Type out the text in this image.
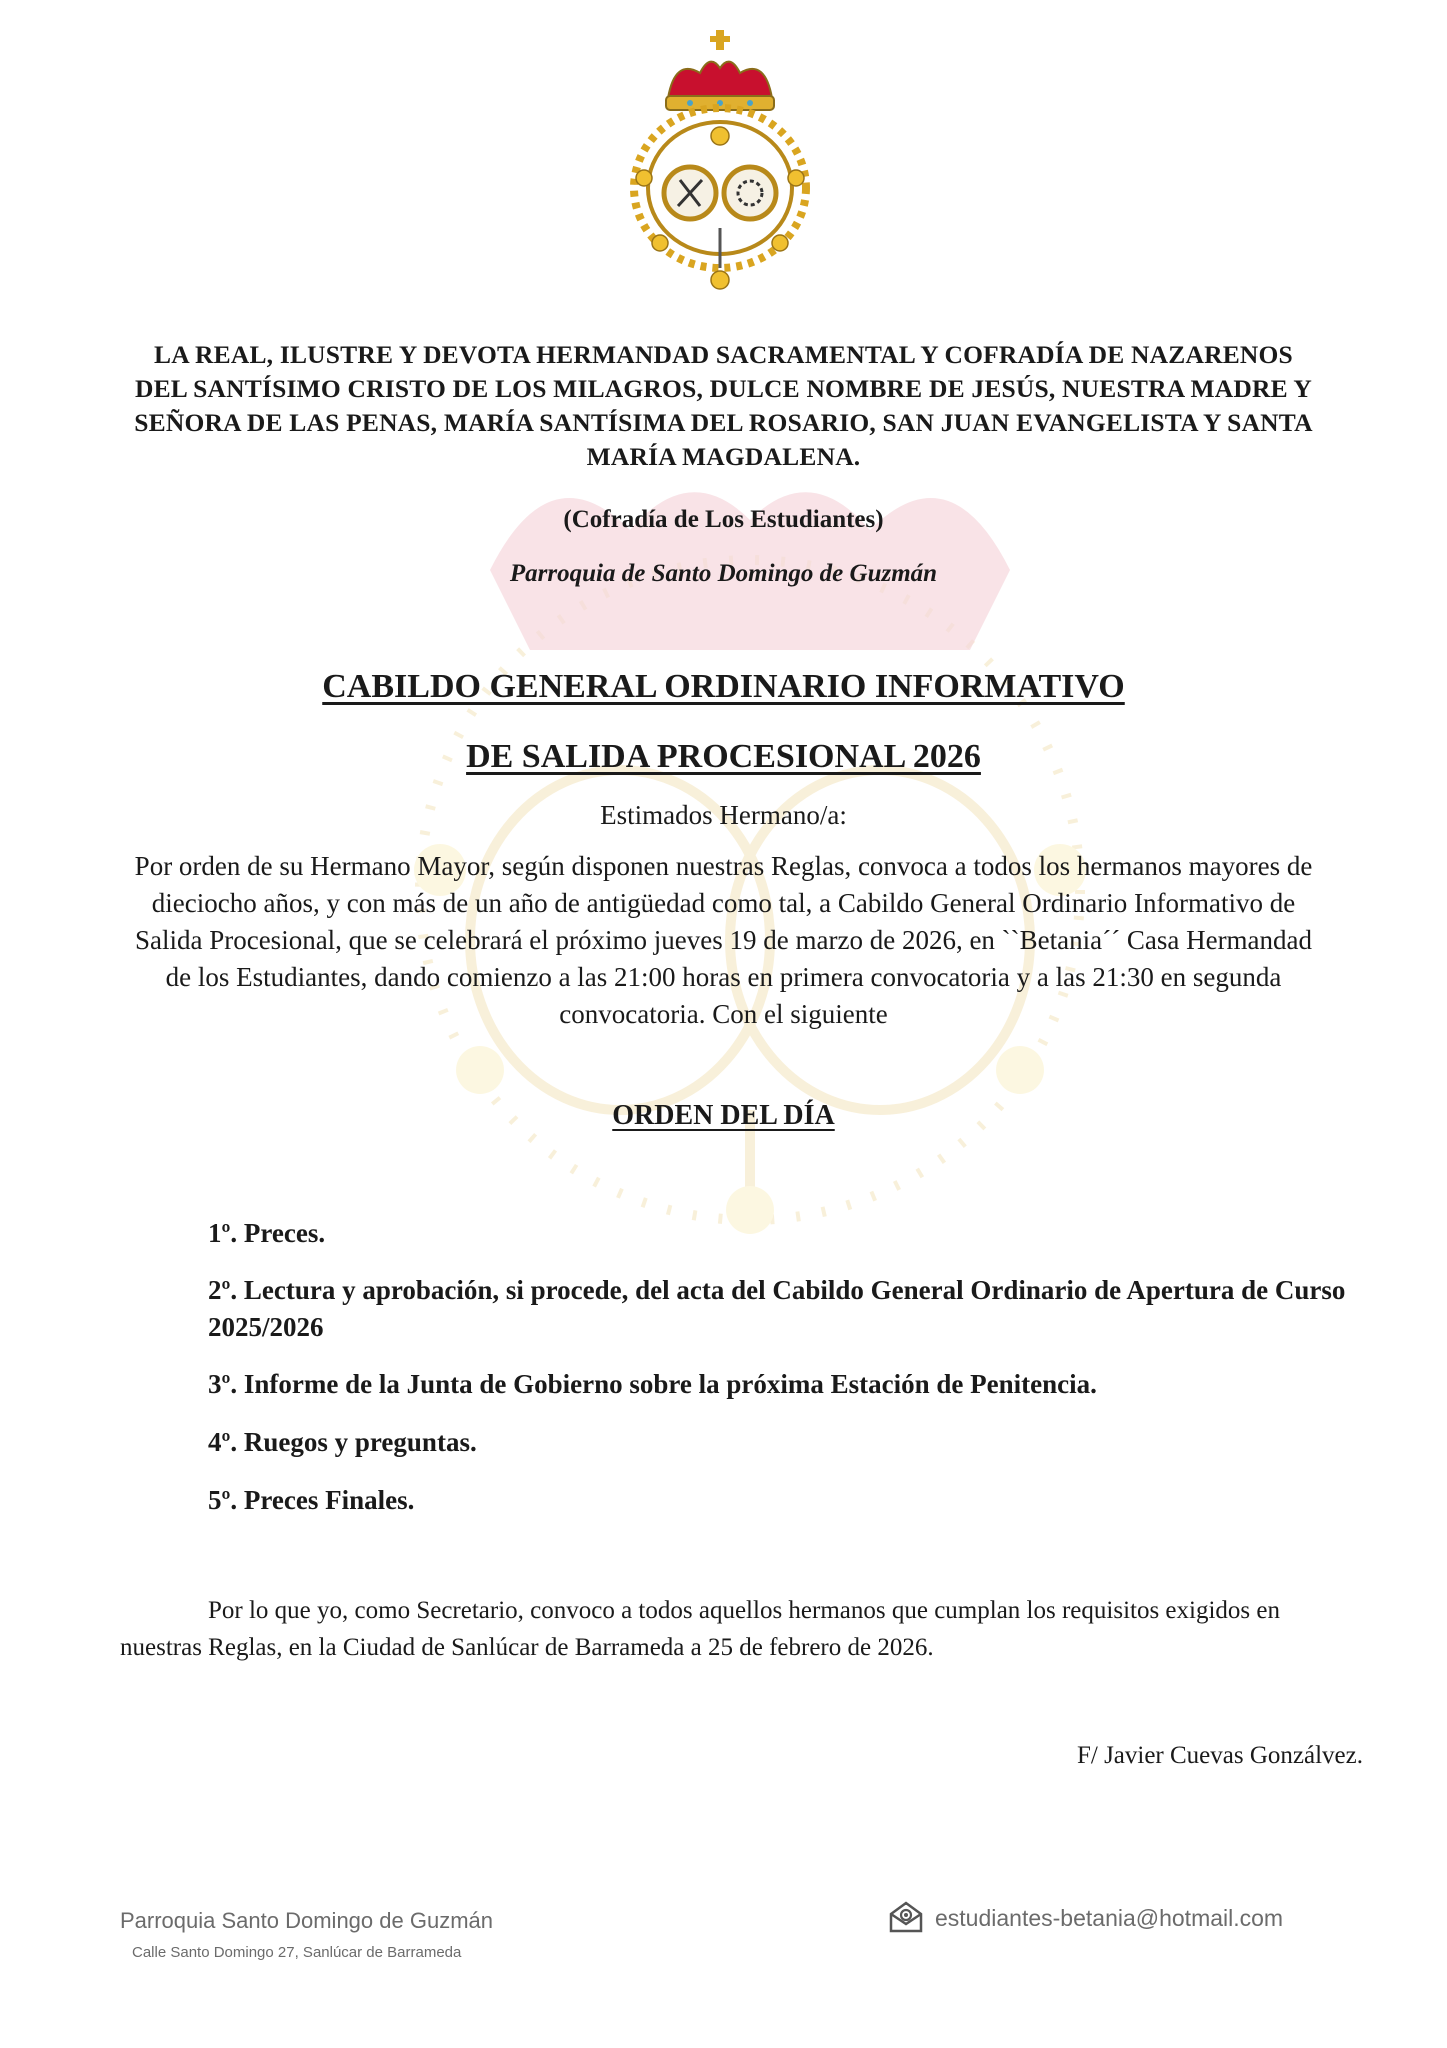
LA REAL, ILUSTRE Y DEVOTA HERMANDAD SACRAMENTAL Y COFRADÍA DE NAZARENOS DEL SANTÍSIMO CRISTO DE LOS MILAGROS, DULCE NOMBRE DE JESÚS, NUESTRA MADRE Y SEÑORA DE LAS PENAS, MARÍA SANTÍSIMA DEL ROSARIO, SAN JUAN EVANGELISTA Y SANTA MARÍA MAGDALENA.
(Cofradía de Los Estudiantes)
Parroquia de Santo Domingo de Guzmán
CABILDO GENERAL ORDINARIO INFORMATIVO
DE SALIDA PROCESIONAL 2026
Estimados Hermano/a:
Por orden de su Hermano Mayor, según disponen nuestras Reglas, convoca a todos los hermanos mayores de dieciocho años, y con más de un año de antigüedad como tal, a Cabildo General Ordinario Informativo de Salida Procesional, que se celebrará el próximo jueves 19 de marzo de 2026, en ``Betania´´ Casa Hermandad de los Estudiantes, dando comienzo a las 21:00 horas en primera convocatoria y a las 21:30 en segunda convocatoria. Con el siguiente
ORDEN DEL DÍA
1º. Preces.
2º. Lectura y aprobación, si procede, del acta del Cabildo General Ordinario de Apertura de Curso 2025/2026
3º. Informe de la Junta de Gobierno sobre la próxima Estación de Penitencia.
4º. Ruegos y preguntas.
5º. Preces Finales.
Por lo que yo, como Secretario, convoco a todos aquellos hermanos que cumplan los requisitos exigidos en nuestras Reglas, en la Ciudad de Sanlúcar de Barrameda a 25 de febrero de 2026.
F/ Javier Cuevas Gonzálvez.
Parroquia Santo Domingo de Guzmán
Calle Santo Domingo 27, Sanlúcar de Barrameda
estudiantes-betania@hotmail.com
